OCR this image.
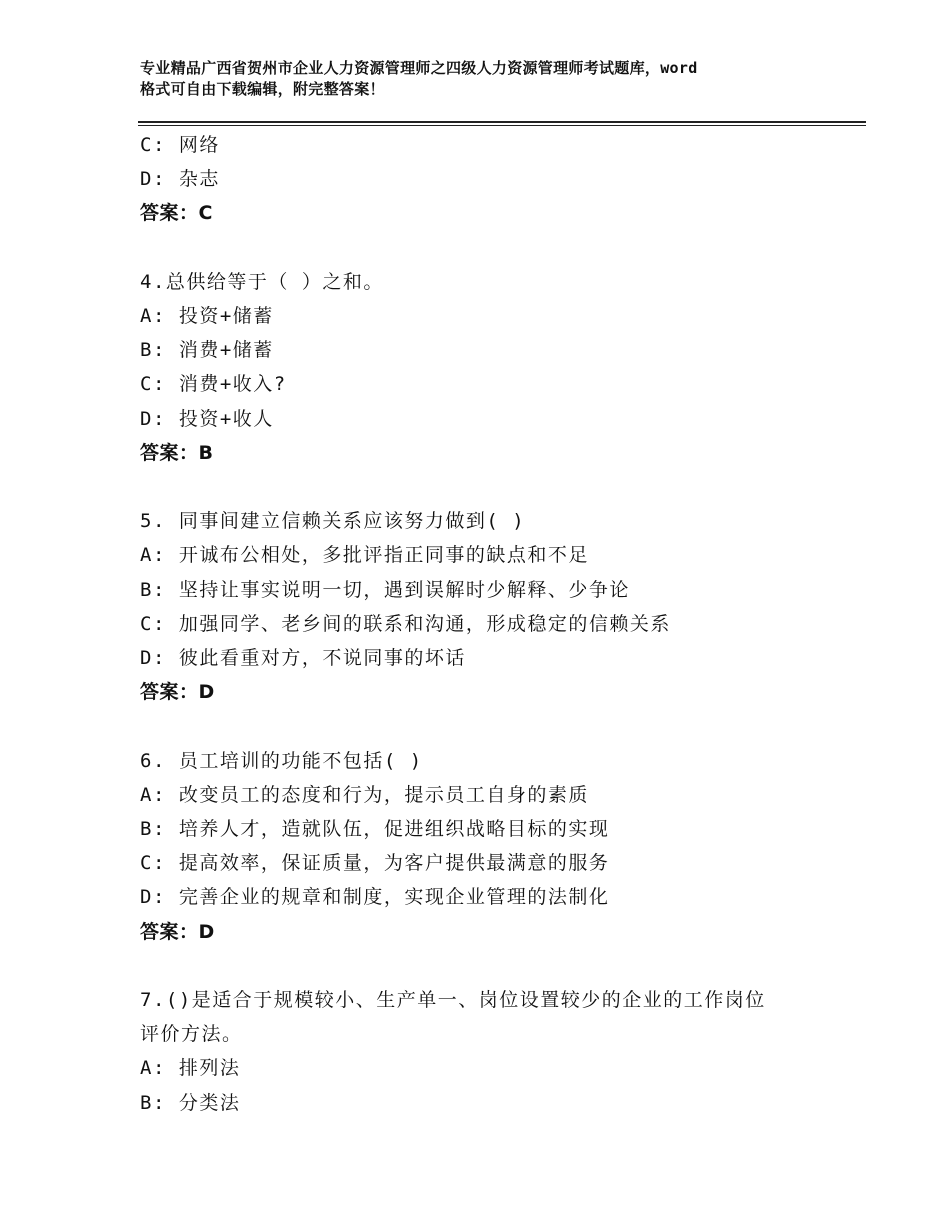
专业精品广西省贺州市企业人力资源管理师之四级人力资源管理师考试题库，word
格式可自由下载编辑，附完整答案！
C: 网络
D: 杂志
答案：C
4.总供给等于（ ）之和。
A: 投资+储蓄
B: 消费+储蓄
C: 消费+收入?
D: 投资+收人
答案：B
5. 同事间建立信赖关系应该努力做到( )
A: 开诚布公相处，多批评指正同事的缺点和不足
B: 坚持让事实说明一切，遇到误解时少解释、少争论
C: 加强同学、老乡间的联系和沟通，形成稳定的信赖关系
D: 彼此看重对方，不说同事的坏话
答案：D
6. 员工培训的功能不包括( )
A: 改变员工的态度和行为，提示员工自身的素质
B: 培养人才，造就队伍，促进组织战略目标的实现
C: 提高效率，保证质量，为客户提供最满意的服务
D: 完善企业的规章和制度，实现企业管理的法制化
答案：D
7.()是适合于规模较小、生产单一、岗位设置较少的企业的工作岗位
评价方法。
A: 排列法
B: 分类法
